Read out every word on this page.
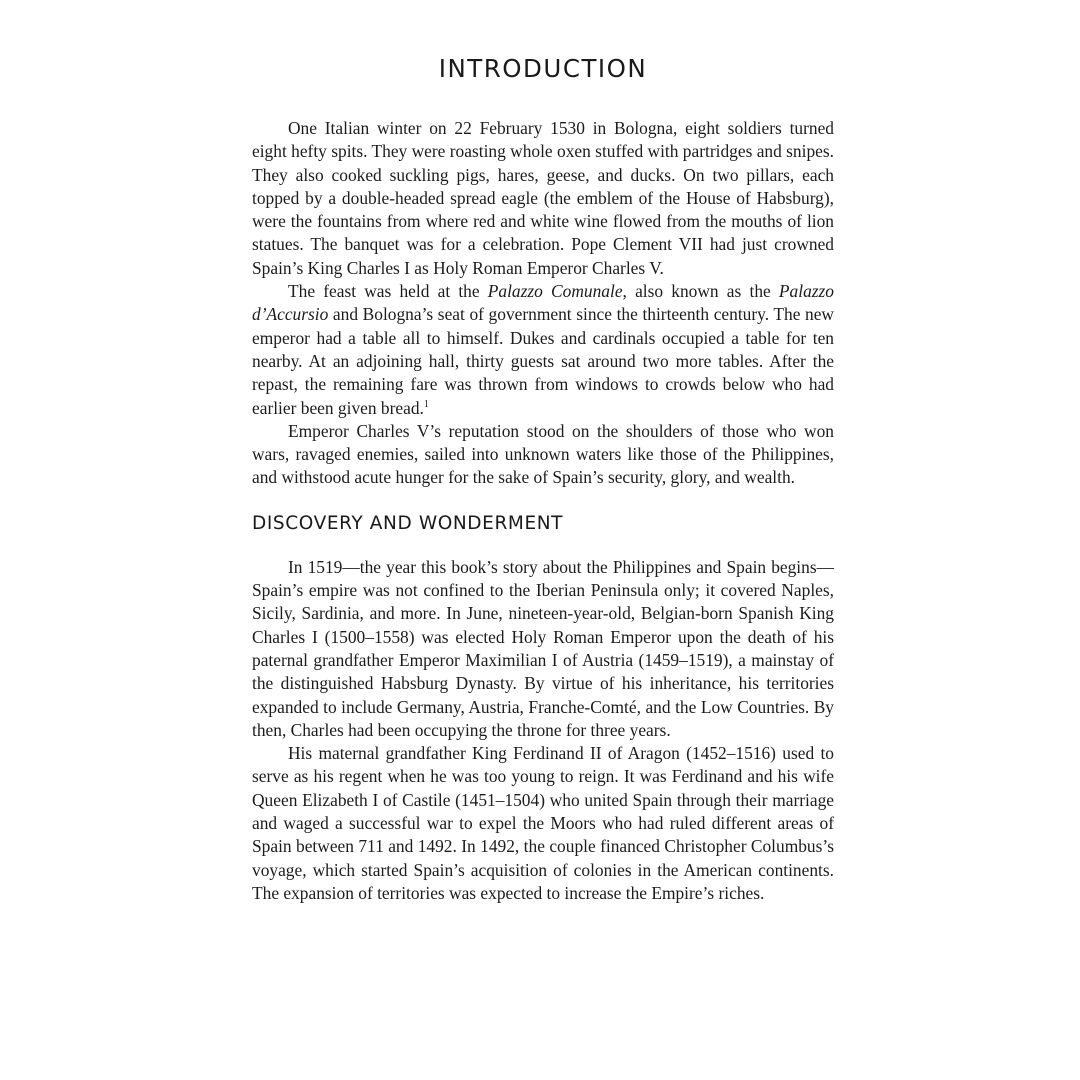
INTRODUCTION

One Italian winter on 22 February 1530 in Bologna, eight soldiers turned eight hefty spits. They were roasting whole oxen stuffed with partridges and snipes. They also cooked suckling pigs, hares, geese, and ducks. On two pillars, each topped by a double-headed spread eagle (the emblem of the House of Habsburg), were the fountains from where red and white wine flowed from the mouths of lion statues. The banquet was for a celebration. Pope Clement VII had just crowned Spain’s King Charles I as Holy Roman Emperor Charles V.

The feast was held at the Palazzo Comunale, also known as the Palazzo d’Accursio and Bologna’s seat of government since the thirteenth century. The new emperor had a table all to himself. Dukes and cardinals occupied a table for ten nearby. At an adjoining hall, thirty guests sat around two more tables. After the repast, the remaining fare was thrown from windows to crowds below who had earlier been given bread.$^1$

Emperor Charles V’s reputation stood on the shoulders of those who won wars, ravaged enemies, sailed into unknown waters like those of the Philippines, and withstood acute hunger for the sake of Spain’s security, glory, and wealth.

DISCOVERY AND WONDERMENT

In 1519—the year this book’s story about the Philippines and Spain begins—Spain’s empire was not confined to the Iberian Peninsula only; it covered Naples, Sicily, Sardinia, and more. In June, nineteen-year-old, Belgian-born Spanish King Charles I (1500–1558) was elected Holy Roman Emperor upon the death of his paternal grandfather Emperor Maximilian I of Austria (1459–1519), a mainstay of the distinguished Habsburg Dynasty. By virtue of his inheritance, his territories expanded to include Germany, Austria, Franche-Comté, and the Low Countries. By then, Charles had been occupying the throne for three years.

His maternal grandfather King Ferdinand II of Aragon (1452–1516) used to serve as his regent when he was too young to reign. It was Ferdinand and his wife Queen Elizabeth I of Castile (1451–1504) who united Spain through their marriage and waged a successful war to expel the Moors who had ruled different areas of Spain between 711 and 1492. In 1492, the couple financed Christopher Columbus’s voyage, which started Spain’s acquisition of colonies in the American continents. The expansion of territories was expected to increase the Empire’s riches.
